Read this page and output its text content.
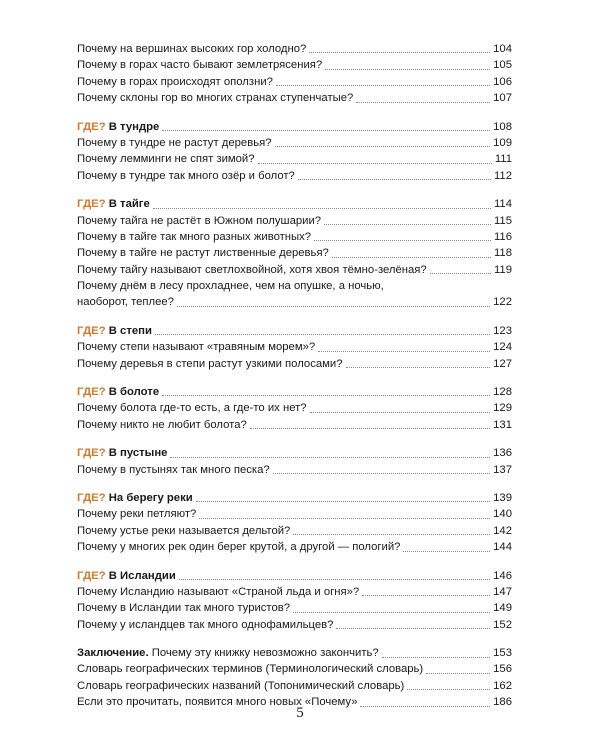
Почему на вершинах высоких гор холодно?	104
Почему в горах часто бывают землетрясения?	105
Почему в горах происходят оползни?	106
Почему склоны гор во многих странах ступенчатые?	107
ГДЕ? В тундре	108
Почему в тундре не растут деревья?	109
Почему лемминги не спят зимой?	111
Почему в тундре так много озёр и болот?	112
ГДЕ? В тайге	114
Почему тайга не растёт в Южном полушарии?	115
Почему в тайге так много разных животных?	116
Почему в тайге не растут лиственные деревья?	118
Почему тайгу называют светлохвойной, хотя хвоя тёмно-зелёная?	119
Почему днём в лесу прохладнее, чем на опушке, а ночью,
наоборот, теплее?	122
ГДЕ? В степи	123
Почему степи называют «травяным морем»?	124
Почему деревья в степи растут узкими полосами?	127
ГДЕ? В болоте	128
Почему болота где-то есть, а где-то их нет?	129
Почему никто не любит болота?	131
ГДЕ? В пустыне	136
Почему в пустынях так много песка?	137
ГДЕ? На берегу реки	139
Почему реки петляют?	140
Почему устье реки называется дельтой?	142
Почему у многих рек один берег крутой, а другой — пологий?	144
ГДЕ? В Исландии	146
Почему Исландию называют «Страной льда и огня»?	147
Почему в Исландии так много туристов?	149
Почему у исландцев так много однофамильцев?	152
Заключение. Почему эту книжку невозможно закончить?	153
Словарь географических терминов (Терминологический словарь)	156
Словарь географических названий (Топонимический словарь)	162
Если это прочитать, появится много новых «Почему»	186
5
